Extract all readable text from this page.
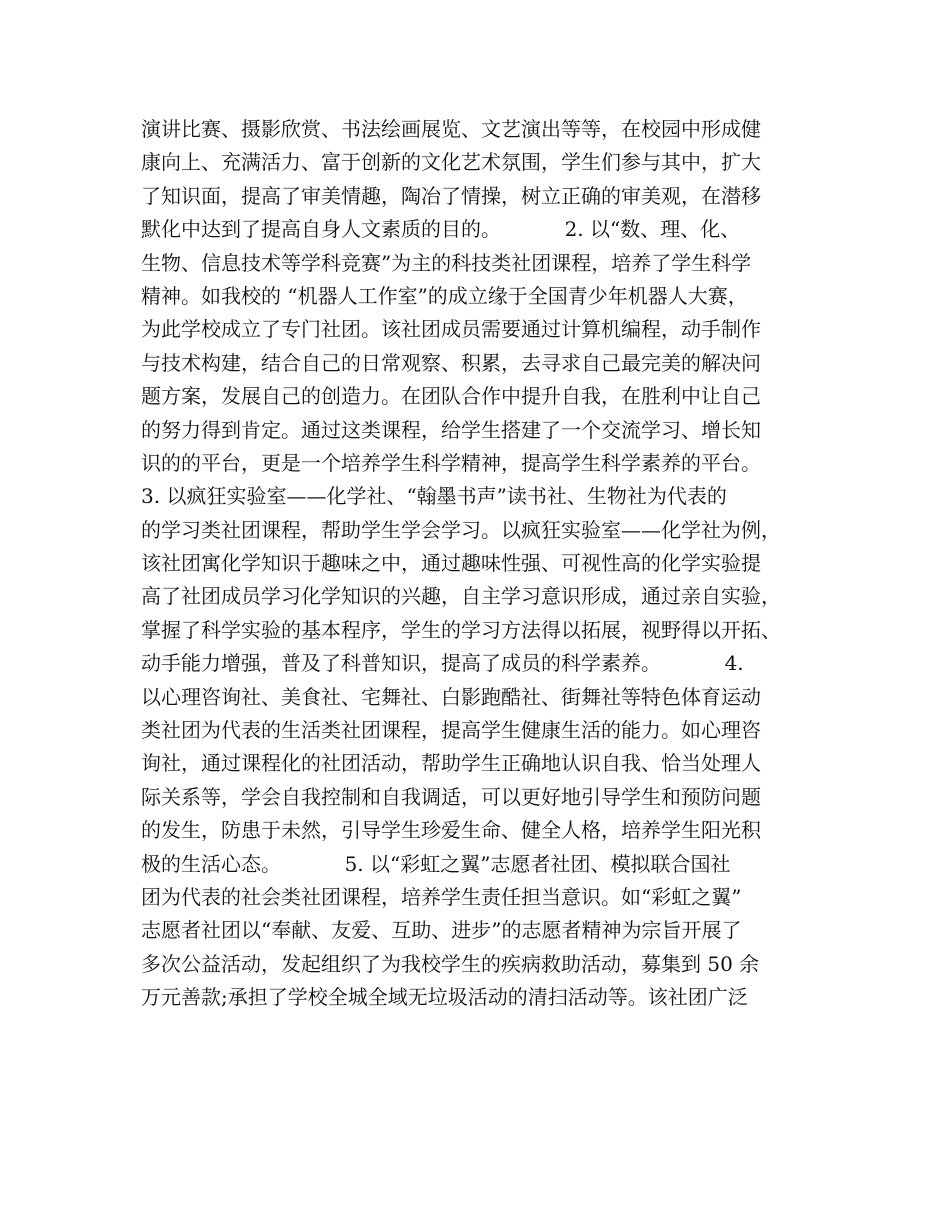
演讲比赛、摄影欣赏、书法绘画展览、文艺演出等等，在校园中形成健
康向上、充满活力、富于创新的文化艺术氛围，学生们参与其中，扩大
了知识面，提高了审美情趣，陶冶了情操，树立正确的审美观，在潜移
默化中达到了提高自身人文素质的目的。          2. 以“数、理、化、
生物、信息技术等学科竞赛”为主的科技类社团课程，培养了学生科学
精神。如我校的 “机器人工作室”的成立缘于全国青少年机器人大赛，
为此学校成立了专门社团。该社团成员需要通过计算机编程，动手制作
与技术构建，结合自己的日常观察、积累，去寻求自己最完美的解决问
题方案，发展自己的创造力。在团队合作中提升自我，在胜利中让自己
的努力得到肯定。通过这类课程，给学生搭建了一个交流学习、增长知
识的的平台，更是一个培养学生科学精神，提高学生科学素养的平台。
3. 以疯狂实验室——化学社、“翰墨书声”读书社、生物社为代表的
的学习类社团课程，帮助学生学会学习。以疯狂实验室——化学社为例，
该社团寓化学知识于趣味之中，通过趣味性强、可视性高的化学实验提
高了社团成员学习化学知识的兴趣，自主学习意识形成，通过亲自实验，
掌握了科学实验的基本程序，学生的学习方法得以拓展，视野得以开拓、
动手能力增强，普及了科普知识，提高了成员的科学素养。          4.
以心理咨询社、美食社、宅舞社、白影跑酷社、街舞社等特色体育运动
类社团为代表的生活类社团课程，提高学生健康生活的能力。如心理咨
询社，通过课程化的社团活动，帮助学生正确地认识自我、恰当处理人
际关系等，学会自我控制和自我调适，可以更好地引导学生和预防问题
的发生，防患于未然，引导学生珍爱生命、健全人格，培养学生阳光积
极的生活心态。          5. 以“彩虹之翼”志愿者社团、模拟联合国社
团为代表的社会类社团课程，培养学生责任担当意识。如“彩虹之翼”
志愿者社团以“奉献、友爱、互助、进步”的志愿者精神为宗旨开展了
多次公益活动，发起组织了为我校学生的疾病救助活动，募集到 50 余
万元善款;承担了学校全城全域无垃圾活动的清扫活动等。该社团广泛
